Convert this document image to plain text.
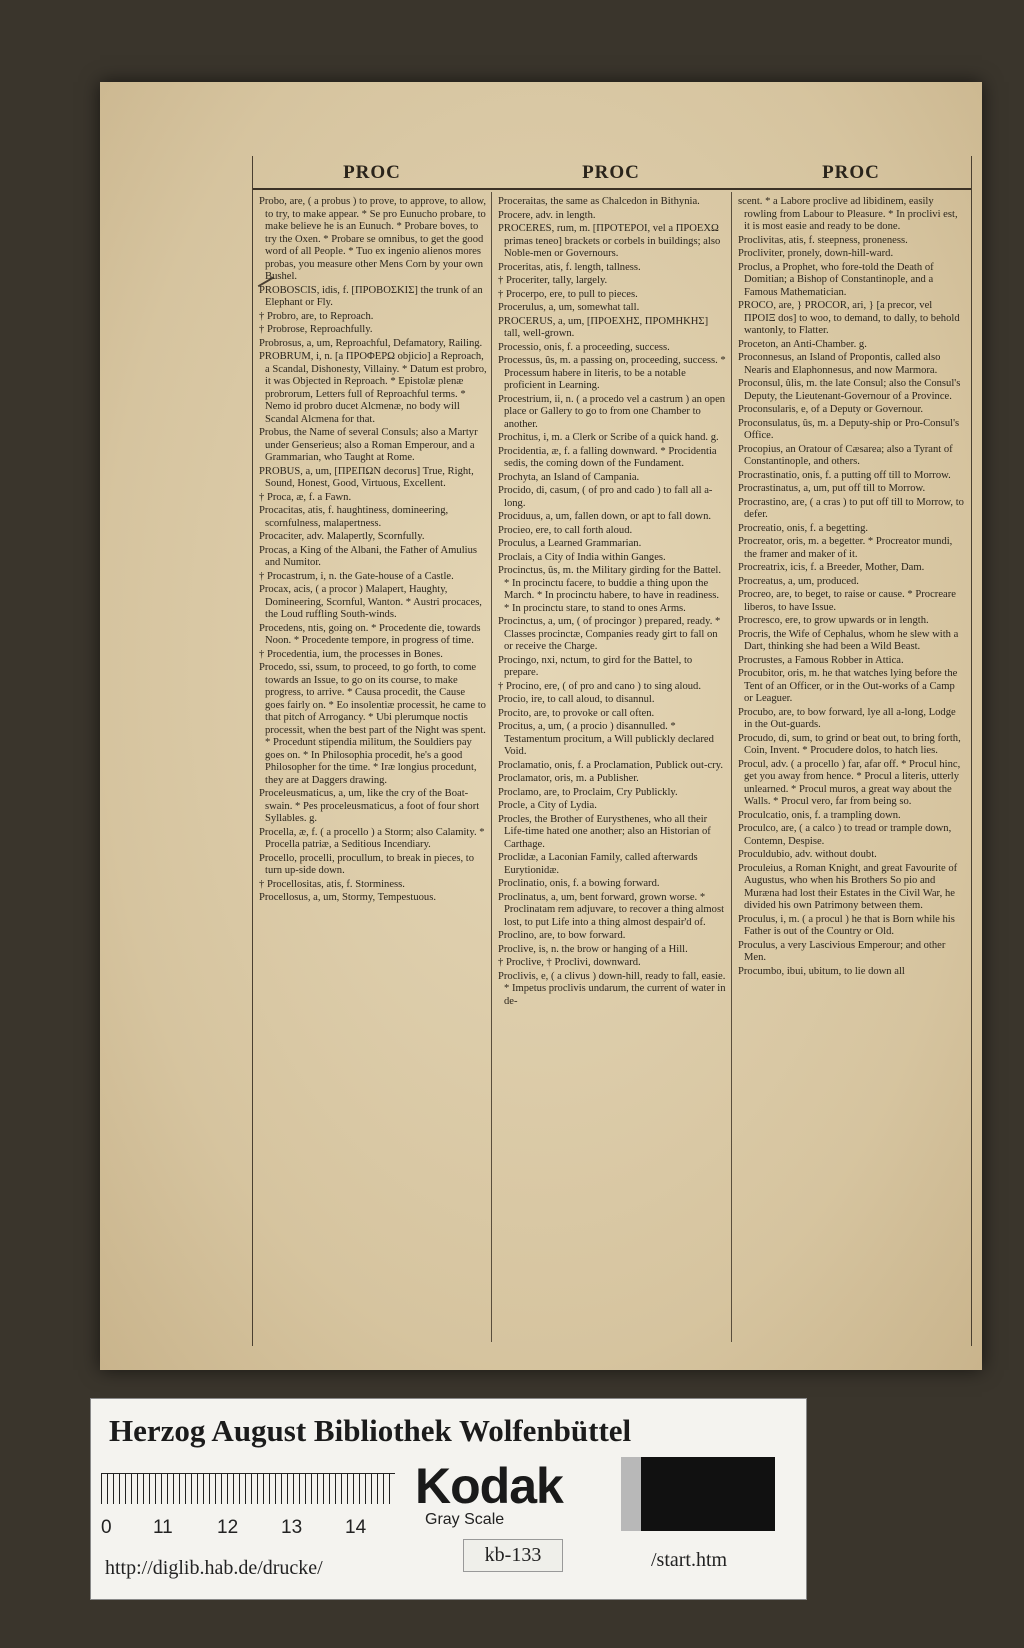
PROC	PROC	PROC

Probo, are, ( a probus ) to prove, to approve, to allow, to try, to make appear. * Se pro Eunucho probare, to make believe he is an Eunuch. * Probare boves, to try the Oxen. * Probare se omnibus, to get the good word of all People. * Tuo ex ingenio alienos mores probas, you measure other Mens Corn by your own Bushel.

PROBOSCIS, idis, f. [ΠΡΟΒΟΣΚΙΣ] the trunk of an Elephant or Fly.

† Probro, are, to Reproach.

† Probrose, Reproachfully.

Probrosus, a, um, Reproachful, Defamatory, Railing.

PROBRUM, i, n. [a ΠΡΟΦΕΡΩ objicio] a Reproach, a Scandal, Dishonesty, Villainy. * Datum est probro, it was Objected in Reproach. * Epistolæ plenæ probrorum, Letters full of Reproachful terms. * Nemo id probro ducet Alcmenæ, no body will Scandal Alcmena for that.

Probus, the Name of several Consuls; also a Martyr under Genserieus; also a Roman Emperour, and a Grammarian, who Taught at Rome.

PROBUS, a, um, [ΠΡΕΠΩΝ decorus] True, Right, Sound, Honest, Good, Virtuous, Excellent.

† Proca, æ, f. a Fawn.

Procacitas, atis, f. haughtiness, domineering, scornfulness, malapertness.

Procaciter, adv. Malapertly, Scornfully.

Procas, a King of the Albani, the Father of Amulius and Numitor.

† Procastrum, i, n. the Gate-house of a Castle.

Procax, acis, ( a procor ) Malapert, Haughty, Domineering, Scornful, Wanton. * Austri procaces, the Loud ruffling South-winds.

Procedens, ntis, going on. * Procedente die, towards Noon. * Procedente tempore, in progress of time.

† Procedentia, ium, the processes in Bones.

Procedo, ssi, ssum, to proceed, to go forth, to come towards an Issue, to go on its course, to make progress, to arrive. * Causa procedit, the Cause goes fairly on. * Eo insolentiæ processit, he came to that pitch of Arrogancy. * Ubi plerumque noctis processit, when the best part of the Night was spent. * Procedunt stipendia militum, the Souldiers pay goes on. * In Philosophia procedit, he's a good Philosopher for the time. * Iræ longius procedunt, they are at Daggers drawing.

Proceleusmaticus, a, um, like the cry of the Boat-swain. * Pes proceleusmaticus, a foot of four short Syllables. g.

Procella, æ, f. ( a procello ) a Storm; also Calamity. * Procella patriæ, a Seditious Incendiary.

Procello, procelli, procullum, to break in pieces, to turn up-side down.

† Procellositas, atis, f. Storminess.

Procellosus, a, um, Stormy, Tempestuous.

Proceraitas, the same as Chalcedon in Bithynia.

Procere, adv. in length.

PROCERES, rum, m. [ΠΡΟΤΕΡΟΙ, vel a ΠΡΟΕΧΩ primas teneo] brackets or corbels in buildings; also Noble-men or Governours.

Proceritas, atis, f. length, tallness.

† Proceriter, tally, largely.

† Procerpo, ere, to pull to pieces.

Procerulus, a, um, somewhat tall.

PROCERUS, a, um, [ΠΡΟΕΧΗΣ, ΠΡΟΜΗΚΗΣ] tall, well-grown.

Processio, onis, f. a proceeding, success.

Processus, ûs, m. a passing on, proceeding, success. * Processum habere in literis, to be a notable proficient in Learning.

Procestrium, ii, n. ( a procedo vel a castrum ) an open place or Gallery to go to from one Chamber to another.

Prochitus, i, m. a Clerk or Scribe of a quick hand. g.

Procidentia, æ, f. a falling downward. * Procidentia sedis, the coming down of the Fundament.

Prochyta, an Island of Campania.

Procido, di, casum, ( of pro and cado ) to fall all a-long.

Prociduus, a, um, fallen down, or apt to fall down.

Procieo, ere, to call forth aloud.

Proculus, a Learned Grammarian.

Proclais, a City of India within Ganges.

Procinctus, ûs, m. the Military girding for the Battel. * In procinctu facere, to buddie a thing upon the March. * In procinctu habere, to have in readiness. * In procinctu stare, to stand to ones Arms.

Procinctus, a, um, ( of procingor ) prepared, ready. * Classes procinctæ, Companies ready girt to fall on or receive the Charge.

Procingo, nxi, nctum, to gird for the Battel, to prepare.

† Procino, ere, ( of pro and cano ) to sing aloud.

Procio, ire, to call aloud, to disannul.

Procito, are, to provoke or call often.

Procitus, a, um, ( a procio ) disannulled. * Testamentum procitum, a Will publickly declared Void.

Proclamatio, onis, f. a Proclamation, Publick out-cry.

Proclamator, oris, m. a Publisher.

Proclamo, are, to Proclaim, Cry Publickly.

Procle, a City of Lydia.

Procles, the Brother of Eurysthenes, who all their Life-time hated one another; also an Historian of Carthage.

Proclidæ, a Laconian Family, called afterwards Eurytionidæ.

Proclinatio, onis, f. a bowing forward.

Proclinatus, a, um, bent forward, grown worse. * Proclinatam rem adjuvare, to recover a thing almost lost, to put Life into a thing almost despair'd of.

Proclino, are, to bow forward.

Proclive, is, n. the brow or hanging of a Hill.

† Proclive, † Proclivi, downward.

Proclivis, e, ( a clivus ) down-hill, ready to fall, easie. * Impetus proclivis undarum, the current of water in de-

scent. * a Labore proclive ad libidinem, easily rowling from Labour to Pleasure. * In proclivi est, it is most easie and ready to be done.

Proclivitas, atis, f. steepness, proneness.

Procliviter, pronely, down-hill-ward.

Proclus, a Prophet, who fore-told the Death of Domitian; a Bishop of Constantinople, and a Famous Mathematician.

PROCO, are, } PROCOR, ari, } [a precor, vel ΠΡΟΙΞ dos] to woo, to demand, to dally, to behold wantonly, to Flatter.

Proceton, an Anti-Chamber. g.

Proconnesus, an Island of Propontis, called also Nearis and Elaphonnesus, and now Marmora.

Proconsul, ûlis, m. the late Consul; also the Consul's Deputy, the Lieutenant-Governour of a Province.

Proconsularis, e, of a Deputy or Governour.

Proconsulatus, ûs, m. a Deputy-ship or Pro-Consul's Office.

Procopius, an Oratour of Cæsarea; also a Tyrant of Constantinople, and others.

Procrastinatio, onis, f. a putting off till to Morrow.

Procrastinatus, a, um, put off till to Morrow.

Procrastino, are, ( a cras ) to put off till to Morrow, to defer.

Procreatio, onis, f. a begetting.

Procreator, oris, m. a begetter. * Procreator mundi, the framer and maker of it.

Procreatrix, icis, f. a Breeder, Mother, Dam.

Procreatus, a, um, produced.

Procreo, are, to beget, to raise or cause. * Procreare liberos, to have Issue.

Procresco, ere, to grow upwards or in length.

Procris, the Wife of Cephalus, whom he slew with a Dart, thinking she had been a Wild Beast.

Procrustes, a Famous Robber in Attica.

Procubitor, oris, m. he that watches lying before the Tent of an Officer, or in the Out-works of a Camp or Leaguer.

Procubo, are, to bow forward, lye all a-long, Lodge in the Out-guards.

Procudo, di, sum, to grind or beat out, to bring forth, Coin, Invent. * Procudere dolos, to hatch lies.

Procul, adv. ( a procello ) far, afar off. * Procul hinc, get you away from hence. * Procul a literis, utterly unlearned. * Procul muros, a great way about the Walls. * Procul vero, far from being so.

Proculcatio, onis, f. a trampling down.

Proculco, are, ( a calco ) to tread or trample down, Contemn, Despise.

Proculdubio, adv. without doubt.

Proculeius, a Roman Knight, and great Favourite of Augustus, who when his Brothers So pio and Muræna had lost their Estates in the Civil War, he divided his own Patrimony between them.

Proculus, i, m. ( a procul ) he that is Born while his Father is out of the Country or Old.

Proculus, a very Lascivious Emperour; and other Men.

Procumbo, ibui, ubitum, to lie down all

Herzog August Bibliothek Wolfenbüttel
0 11 12 13 14
Kodak
Gray Scale
http://diglib.hab.de/drucke/
kb-133	/start.htm
